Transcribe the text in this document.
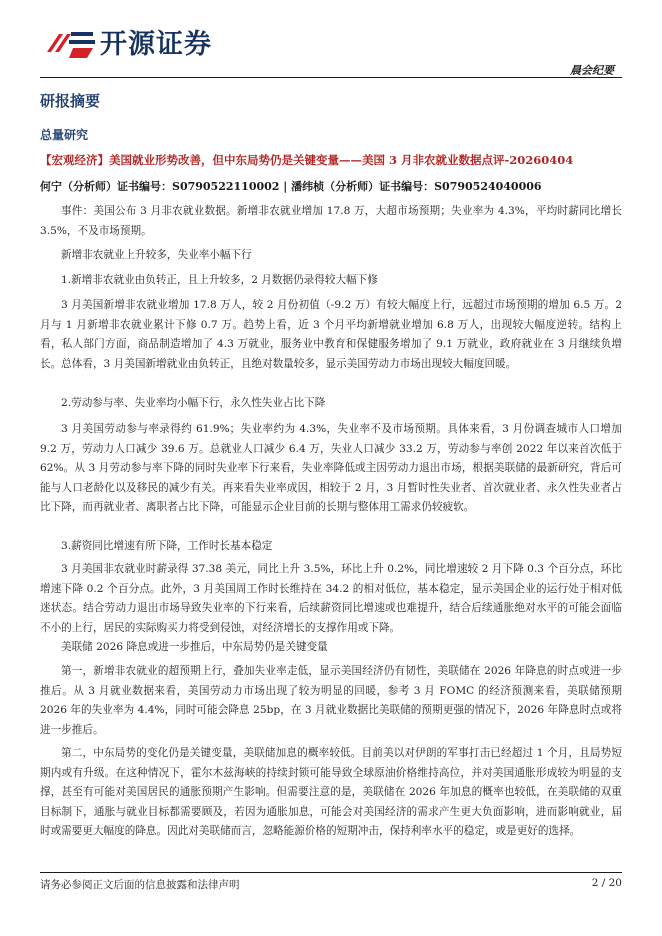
开源证券
晨会纪要
研报摘要
总量研究
【宏观经济】美国就业形势改善，但中东局势仍是关键变量——美国 3 月非农就业数据点评-20260404
何宁（分析师）证书编号：S0790522110002 | 潘纬桢（分析师）证书编号：S0790524040006

事件：美国公布 3 月非农就业数据。新增非农就业增加 17.8 万，大超市场预期；失业率为 4.3%，平均时薪同比增长 3.5%，不及市场预期。

新增非农就业上升较多，失业率小幅下行
1.新增非农就业由负转正，且上升较多，2 月数据仍录得较大幅下修

3 月美国新增非农就业增加 17.8 万人，较 2 月份初值（-9.2 万）有较大幅度上行，远超过市场预期的增加 6.5 万。2 月与 1 月新增非农就业累计下修 0.7 万。趋势上看，近 3 个月平均新增就业增加 6.8 万人，出现较大幅度逆转。结构上看，私人部门方面，商品制造增加了 4.3 万就业，服务业中教育和保健服务增加了 9.1 万就业，政府就业在 3 月继续负增长。总体看，3 月美国新增就业由负转正，且绝对数量较多，显示美国劳动力市场出现较大幅度回暖。

2.劳动参与率、失业率均小幅下行，永久性失业占比下降

3 月美国劳动参与率录得约 61.9%；失业率约为 4.3%，失业率不及市场预期。具体来看，3 月份调查城市人口增加 9.2 万，劳动力人口减少 39.6 万。总就业人口减少 6.4 万，失业人口减少 33.2 万，劳动参与率创 2022 年以来首次低于 62%。从 3 月劳动参与率下降的同时失业率下行来看，失业率降低或主因劳动力退出市场，根据美联储的最新研究，背后可能与人口老龄化以及移民的减少有关。再来看失业率成因，相较于 2 月，3 月暂时性失业者、首次就业者、永久性失业者占比下降，而再就业者、离职者占比下降，可能显示企业目前的长期与整体用工需求仍较疲软。

3.薪资同比增速有所下降，工作时长基本稳定

3 月美国非农就业时薪录得 37.38 美元，同比上升 3.5%，环比上升 0.2%，同比增速较 2 月下降 0.3 个百分点，环比增速下降 0.2 个百分点。此外，3 月美国周工作时长维持在 34.2 的相对低位，基本稳定，显示美国企业的运行处于相对低迷状态。结合劳动力退出市场导致失业率的下行来看，后续薪资同比增速或也难提升，结合后续通胀绝对水平的可能会面临不小的上行，居民的实际购买力将受到侵蚀，对经济增长的支撑作用或下降。

美联储 2026 降息或进一步推后，中东局势仍是关键变量

第一，新增非农就业的超预期上行，叠加失业率走低，显示美国经济仍有韧性，美联储在 2026 年降息的时点或进一步推后。从 3 月就业数据来看，美国劳动力市场出现了较为明显的回暖，参考 3 月 FOMC 的经济预测来看，美联储预期 2026 年的失业率为 4.4%，同时可能会降息 25bp，在 3 月就业数据比美联储的预期更强的情况下，2026 年降息时点或将进一步推后。

第二，中东局势的变化仍是关键变量，美联储加息的概率较低。目前美以对伊朗的军事打击已经超过 1 个月，且局势短期内或有升级。在这种情况下，霍尔木兹海峡的持续封锁可能导致全球原油价格维持高位，并对美国通胀形成较为明显的支撑，甚至有可能对美国居民的通胀预期产生影响。但需要注意的是，美联储在 2026 年加息的概率也较低，在美联储的双重目标制下，通胀与就业目标都需要顾及，若因为通胀加息，可能会对美国经济的需求产生更大负面影响，进而影响就业，届时或需要更大幅度的降息。因此对美联储而言，忽略能源价格的短期冲击，保持利率水平的稳定，或是更好的选择。

请务必参阅正文后面的信息披露和法律声明	2 / 20
